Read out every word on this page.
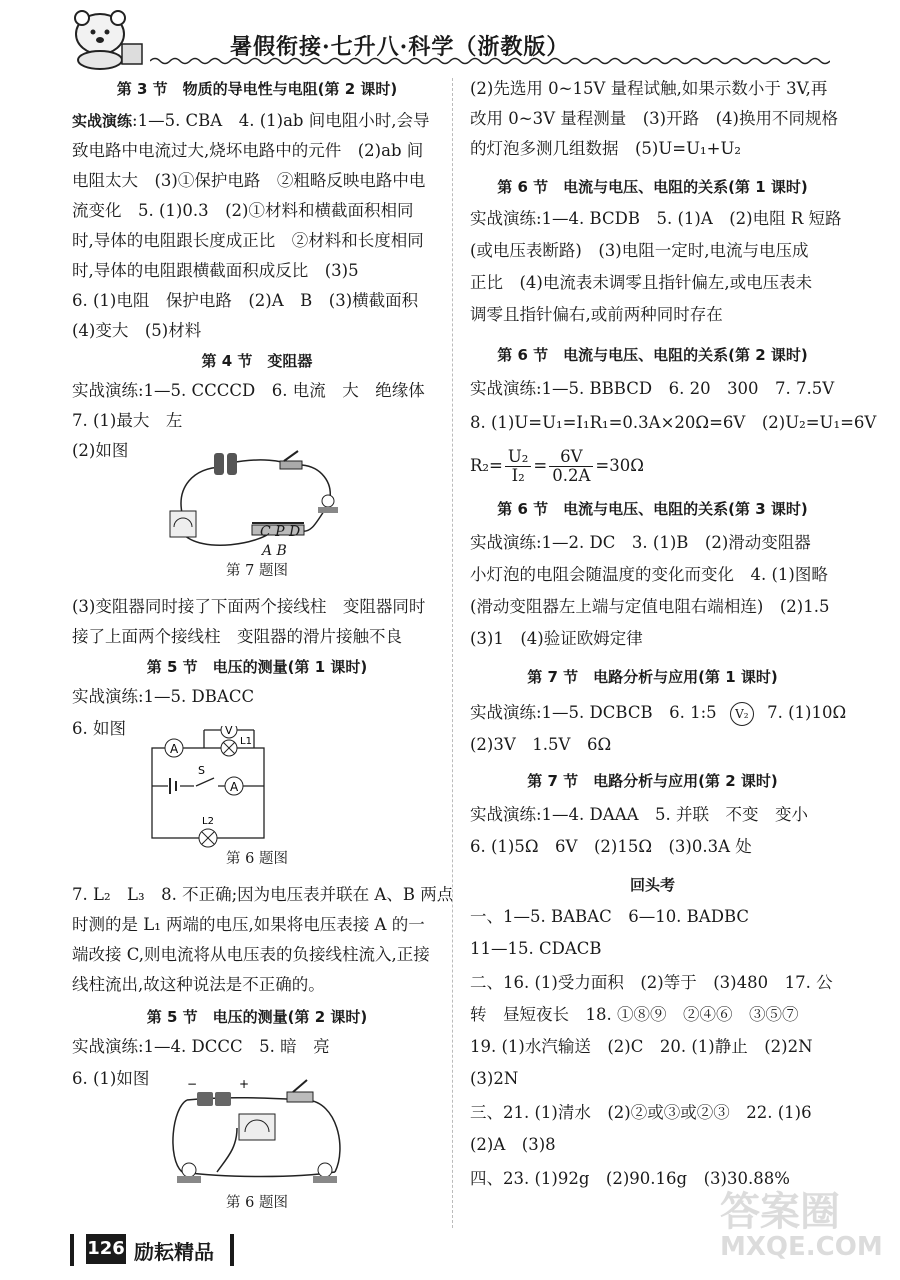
暑假衔接·七升八·科学（浙教版）
第 3 节　物质的导电性与电阻(第 2 课时)
实战演练:1—5. CBA　4. (1)ab 间电阻小时,会导
致电路中电流过大,烧坏电路中的元件　(2)ab 间
电阻太大　(3)①保护电路　②粗略反映电路中电
流变化　5. (1)0.3　(2)①材料和横截面积相同
时,导体的电阻跟长度成正比　②材料和长度相同
时,导体的电阻跟横截面积成反比　(3)5
6. (1)电阻　保护电路　(2)A　B　(3)横截面积
(4)变大　(5)材料
第 4 节　变阻器
实战演练:1—5. CCCCD　6. 电流　大　绝缘体
7. (1)最大　左
(2)如图
C P D
A B
第 7 题图
(3)变阻器同时接了下面两个接线柱　变阻器同时
接了上面两个接线柱　变阻器的滑片接触不良
第 5 节　电压的测量(第 1 课时)
实战演练:1—5. DBACC
6. 如图
A
V
L1
S
A
L2
第 6 题图
7. L₂　L₃　8. 不正确;因为电压表并联在 A、B 两点
时测的是 L₁ 两端的电压,如果将电压表接 A 的一
端改接 C,则电流将从电压表的负接线柱流入,正接
线柱流出,故这种说法是不正确的。
第 5 节　电压的测量(第 2 课时)
实战演练:1—4. DCCC　5. 暗　亮
6. (1)如图	−	+
第 6 题图
(2)先选用 0~15V 量程试触,如果示数小于 3V,再
改用 0~3V 量程测量　(3)开路　(4)换用不同规格
的灯泡多测几组数据　(5)U=U₁+U₂
第 6 节　电流与电压、电阻的关系(第 1 课时)
实战演练:1—4. BCDB　5. (1)A　(2)电阻 R 短路
(或电压表断路)　(3)电阻一定时,电流与电压成
正比　(4)电流表未调零且指针偏左,或电压表未
调零且指针偏右,或前两种同时存在
第 6 节　电流与电压、电阻的关系(第 2 课时)
实战演练:1—5. BBBCD　6. 20　300　7. 7.5V
8. (1)U=U₁=I₁R₁=0.3A×20Ω=6V　(2)U₂=U₁=6V
$R_2= \frac{\text{U₂}}{\text{I₂}} = \frac{6V}{0.2A} =30\Omega$
第 6 节　电流与电压、电阻的关系(第 3 课时)
实战演练:1—2. DC　3. (1)B　(2)滑动变阻器
小灯泡的电阻会随温度的变化而变化　4. (1)图略
(滑动变阻器左上端与定值电阻右端相连)　(2)1.5
(3)1　(4)验证欧姆定律
第 7 节　电路分析与应用(第 1 课时)
实战演练:1—5. DCBCB　6. 1:5 V₂ 7. (1)10Ω
(2)3V　1.5V　6Ω
第 7 节　电路分析与应用(第 2 课时)
实战演练:1—4. DAAA　5. 并联　不变　变小
6. (1)5Ω　6V　(2)15Ω　(3)0.3A 处
回头考
一、1—5. BABAC　6—10. BADBC
11—15. CDACB
二、16. (1)受力面积　(2)等于　(3)480　17. 公
转　昼短夜长　18. ①⑧⑨　②④⑥　③⑤⑦
19. (1)水汽输送　(2)C　20. (1)静止　(2)2N
(3)2N
三、21. (1)清水　(2)②或③或②③　22. (1)6
(2)A　(3)8
四、23. (1)92g　(2)90.16g　(3)30.88%
126 励耘精品
答案圈
MXQE.COM
